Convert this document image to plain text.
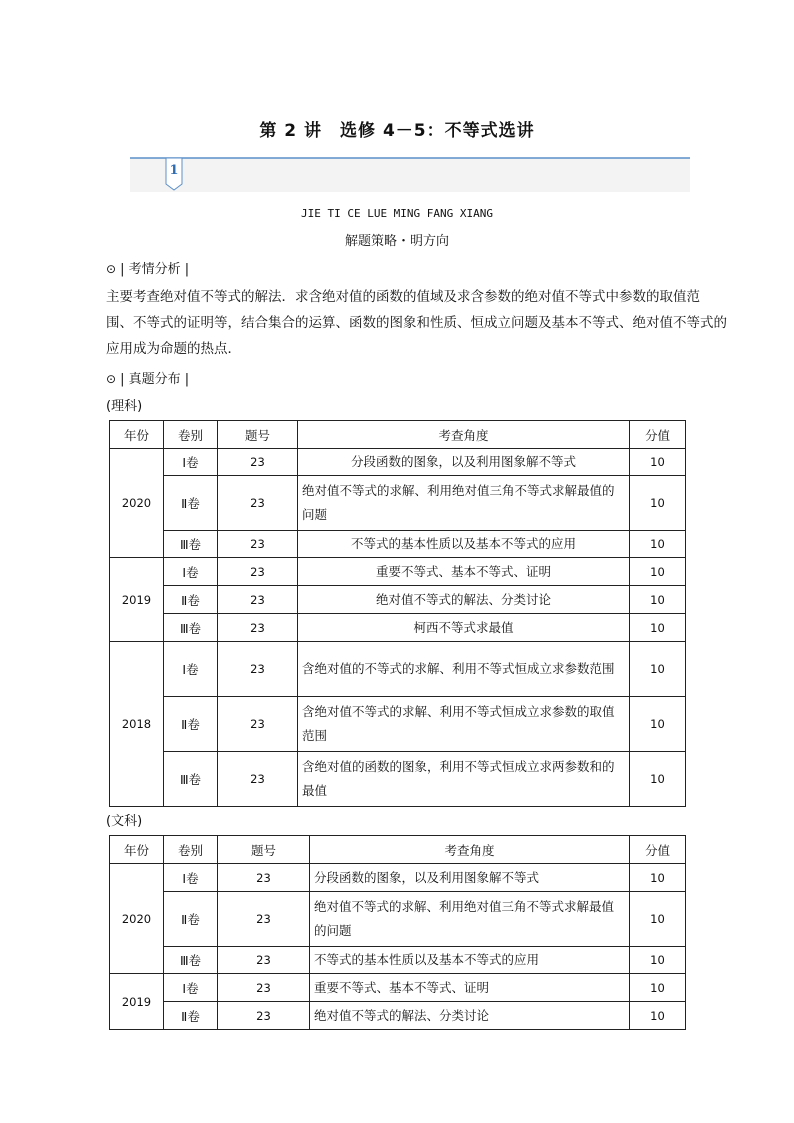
第 2 讲　选修 4－5：不等式选讲
1
JIE TI CE LUE MING FANG XIANG
解题策略・明方向
⊙ | 考情分析 |
主要考查绝对值不等式的解法．求含绝对值的函数的值域及求含参数的绝对值不等式中参数的取值范
围、不等式的证明等，结合集合的运算、函数的图象和性质、恒成立问题及基本不等式、绝对值不等式的
应用成为命题的热点．
⊙ | 真题分布 |
(理科)
年份	卷别	题号	考查角度	分值
2020	Ⅰ卷	23	分段函数的图象，以及利用图象解不等式	10
	Ⅱ卷	23	绝对值不等式的求解、利用绝对值三角不等式求解最值的问题	10
	Ⅲ卷	23	不等式的基本性质以及基本不等式的应用	10
2019	Ⅰ卷	23	重要不等式、基本不等式、证明	10
	Ⅱ卷	23	绝对值不等式的解法、分类讨论	10
	Ⅲ卷	23	柯西不等式求最值	10
2018	Ⅰ卷	23	含绝对值的不等式的求解、利用不等式恒成立求参数范围	10
	Ⅱ卷	23	含绝对值不等式的求解、利用不等式恒成立求参数的取值范围	10
	Ⅲ卷	23	含绝对值的函数的图象，利用不等式恒成立求两参数和的最值	10
(文科)
年份	卷别	题号	考查角度	分值
2020	Ⅰ卷	23	分段函数的图象，以及利用图象解不等式	10
	Ⅱ卷	23	绝对值不等式的求解、利用绝对值三角不等式求解最值的问题	10
	Ⅲ卷	23	不等式的基本性质以及基本不等式的应用	10
2019	Ⅰ卷	23	重要不等式、基本不等式、证明	10
	Ⅱ卷	23	绝对值不等式的解法、分类讨论	10
